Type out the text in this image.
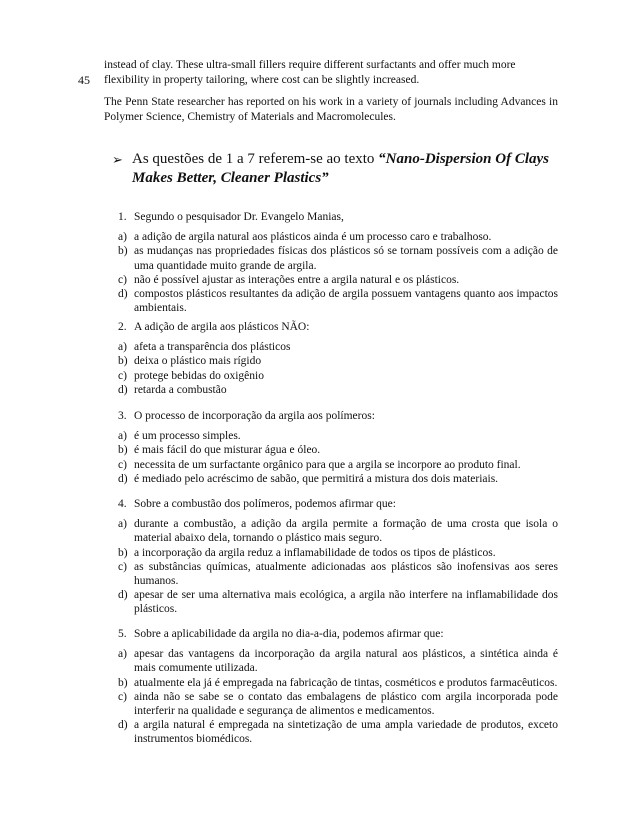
instead of clay. These ultra-small fillers require different surfactants and offer much more
flexibility in property tailoring, where cost can be slightly increased.

45

The Penn State researcher has reported on his work in a variety of journals including Advances in Polymer Science, Chemistry of Materials and Macromolecules.

➢ As questões de 1 a 7 referem-se ao texto “Nano-Dispersion Of Clays Makes Better, Cleaner Plastics”
1. Segundo o pesquisador Dr. Evangelo Manias,
a) a adição de argila natural aos plásticos ainda é um processo caro e trabalhoso.
b) as mudanças nas propriedades físicas dos plásticos só se tornam possíveis com a adição de uma quantidade muito grande de argila.
c) não é possível ajustar as interações entre a argila natural e os plásticos.
d) compostos plásticos resultantes da adição de argila possuem vantagens quanto aos impactos ambientais.
2. A adição de argila aos plásticos NÃO:
a) afeta a transparência dos plásticos
b) deixa o plástico mais rígido
c) protege bebidas do oxigênio
d) retarda a combustão
3. O processo de incorporação da argila aos polímeros:
a) é um processo simples.
b) é mais fácil do que misturar água e óleo.
c) necessita de um surfactante orgânico para que a argila se incorpore ao produto final.
d) é mediado pelo acréscimo de sabão, que permitirá a mistura dos dois materiais.
4. Sobre a combustão dos polímeros, podemos afirmar que:
a) durante a combustão, a adição da argila permite a formação de uma crosta que isola o material abaixo dela, tornando o plástico mais seguro.
b) a incorporação da argila reduz a inflamabilidade de todos os tipos de plásticos.
c) as substâncias químicas, atualmente adicionadas aos plásticos são inofensivas aos seres humanos.
d) apesar de ser uma alternativa mais ecológica, a argila não interfere na inflamabilidade dos plásticos.
5. Sobre a aplicabilidade da argila no dia-a-dia, podemos afirmar que:
a) apesar das vantagens da incorporação da argila natural aos plásticos, a sintética ainda é mais comumente utilizada.
b) atualmente ela já é empregada na fabricação de tintas, cosméticos e produtos farmacêuticos.
c) ainda não se sabe se o contato das embalagens de plástico com argila incorporada pode interferir na qualidade e segurança de alimentos e medicamentos.
d) a argila natural é empregada na sintetização de uma ampla variedade de produtos, exceto instrumentos biomédicos.
